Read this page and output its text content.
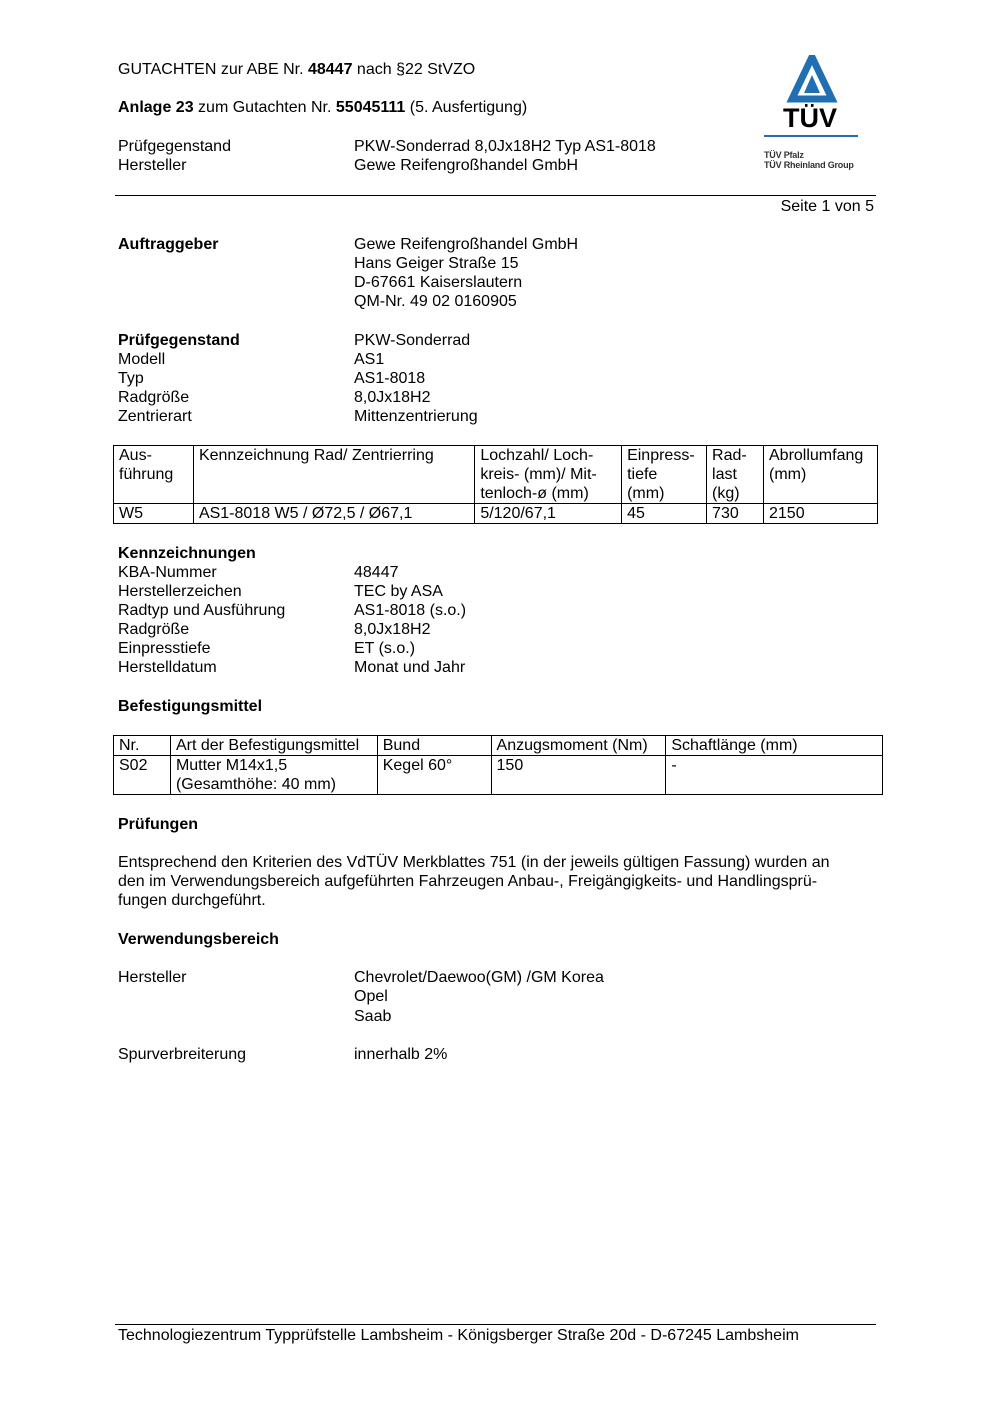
GUTACHTEN zur ABE Nr. 48447 nach §22 StVZO
Anlage 23 zum Gutachten Nr. 55045111 (5. Ausfertigung)
Prüfgegenstand	PKW-Sonderrad 8,0Jx18H2 Typ AS1-8018
Hersteller	Gewe Reifengroßhandel GmbH
TÜV
TÜV Pfalz
TÜV Rheinland Group
Seite 1 von 5
Auftraggeber	Gewe Reifengroßhandel GmbH
Hans Geiger Straße 15
D-67661 Kaiserslautern
QM-Nr. 49 02 0160905
Prüfgegenstand	PKW-Sonderrad
Modell	AS1
Typ	AS1-8018
Radgröße	8,0Jx18H2
Zentrierart	Mittenzentrierung
Aus-
führung	Kennzeichnung Rad/ Zentrierring	Lochzahl/ Loch-
kreis- (mm)/ Mit-
tenloch-ø (mm)	Einpress-
tiefe
(mm)	Rad-
last
(kg)	Abrollumfang
(mm)

W5	AS1-8018 W5 / Ø72,5 / Ø67,1	5/120/67,1	45	730	2150
Kennzeichnungen
KBA-Nummer	48447
Herstellerzeichen	TEC by ASA
Radtyp und Ausführung	AS1-8018 (s.o.)
Radgröße	8,0Jx18H2
Einpresstiefe	ET (s.o.)
Herstelldatum	Monat und Jahr
Befestigungsmittel
Nr.	Art der Befestigungsmittel	Bund	Anzugsmoment (Nm)	Schaftlänge (mm)
S02	Mutter M14x1,5
(Gesamthöhe: 40 mm)	Kegel 60°	150	-
Prüfungen
Entsprechend den Kriterien des VdTÜV Merkblattes 751 (in der jeweils gültigen Fassung) wurden an
den im Verwendungsbereich aufgeführten Fahrzeugen Anbau-, Freigängigkeits- und Handlingsprü-
fungen durchgeführt.
Verwendungsbereich
Hersteller	Chevrolet/Daewoo(GM) /GM Korea
Opel
Saab
Spurverbreiterung	innerhalb 2%
Technologiezentrum Typprüfstelle Lambsheim - Königsberger Straße 20d - D-67245 Lambsheim
